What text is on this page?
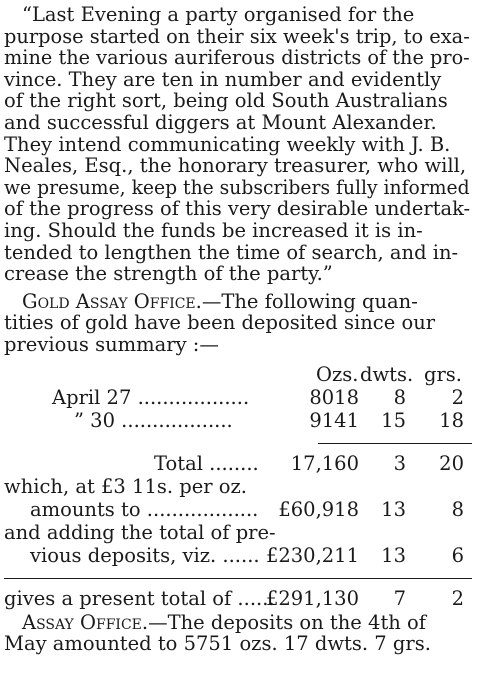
“Last Evening a party organised for the
purpose started on their six week's trip, to exa-
mine the various auriferous districts of the pro-
vince. They are ten in number and evidently
of the right sort, being old South Australians
and successful diggers at Mount Alexander.
They intend communicating weekly with J. B.
Neales, Esq., the honorary treasurer, who will,
we presume, keep the subscribers fully informed
of the progress of this very desirable undertak-
ing. Should the funds be increased it is in-
tended to lengthen the time of search, and in-
crease the strength of the party.”

Gold Assay Office.—The following quan-
tities of gold have been deposited since our
previous summary :—

Ozs. dwts. grs.
April 27 ..................	8018 8 2
” 30 ..................	9141 15 18
Total ........ 17,160 3 20
which, at £3 11s. per oz.
amounts to .................. £60,918 13 8
and adding the total of pre-
vious deposits, viz. ...... £230,211 13 6
gives a present total of ......
£291,130 7 2

Assay Office.—The deposits on the 4th of
May amounted to 5751 ozs. 17 dwts. 7 grs.
